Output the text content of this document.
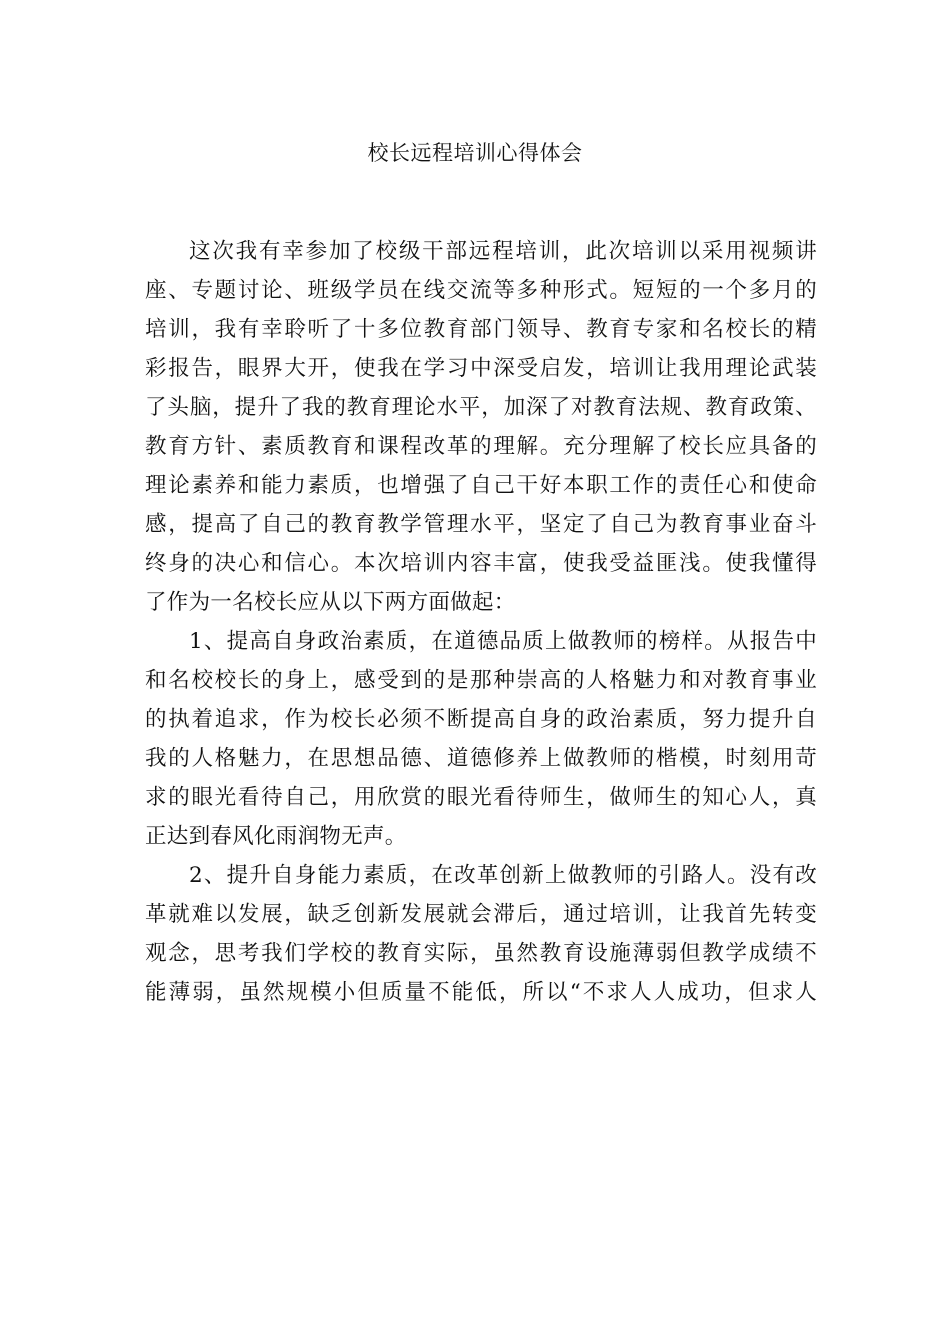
校长远程培训心得体会
这次我有幸参加了校级干部远程培训，此次培训以采用视频讲
座、专题讨论、班级学员在线交流等多种形式。短短的一个多月的
培训，我有幸聆听了十多位教育部门领导、教育专家和名校长的精
彩报告，眼界大开，使我在学习中深受启发，培训让我用理论武装
了头脑，提升了我的教育理论水平，加深了对教育法规、教育政策、
教育方针、素质教育和课程改革的理解。充分理解了校长应具备的
理论素养和能力素质，也增强了自己干好本职工作的责任心和使命
感，提高了自己的教育教学管理水平，坚定了自己为教育事业奋斗
终身的决心和信心。本次培训内容丰富，使我受益匪浅。使我懂得
了作为一名校长应从以下两方面做起：
1、提高自身政治素质，在道德品质上做教师的榜样。从报告中
和名校校长的身上，感受到的是那种崇高的人格魅力和对教育事业
的执着追求，作为校长必须不断提高自身的政治素质，努力提升自
我的人格魅力，在思想品德、道德修养上做教师的楷模，时刻用苛
求的眼光看待自己，用欣赏的眼光看待师生，做师生的知心人，真
正达到春风化雨润物无声。
2、提升自身能力素质，在改革创新上做教师的引路人。没有改
革就难以发展，缺乏创新发展就会滞后，通过培训，让我首先转变
观念，思考我们学校的教育实际，虽然教育设施薄弱但教学成绩不
能薄弱，虽然规模小但质量不能低，所以“不求人人成功，但求人
